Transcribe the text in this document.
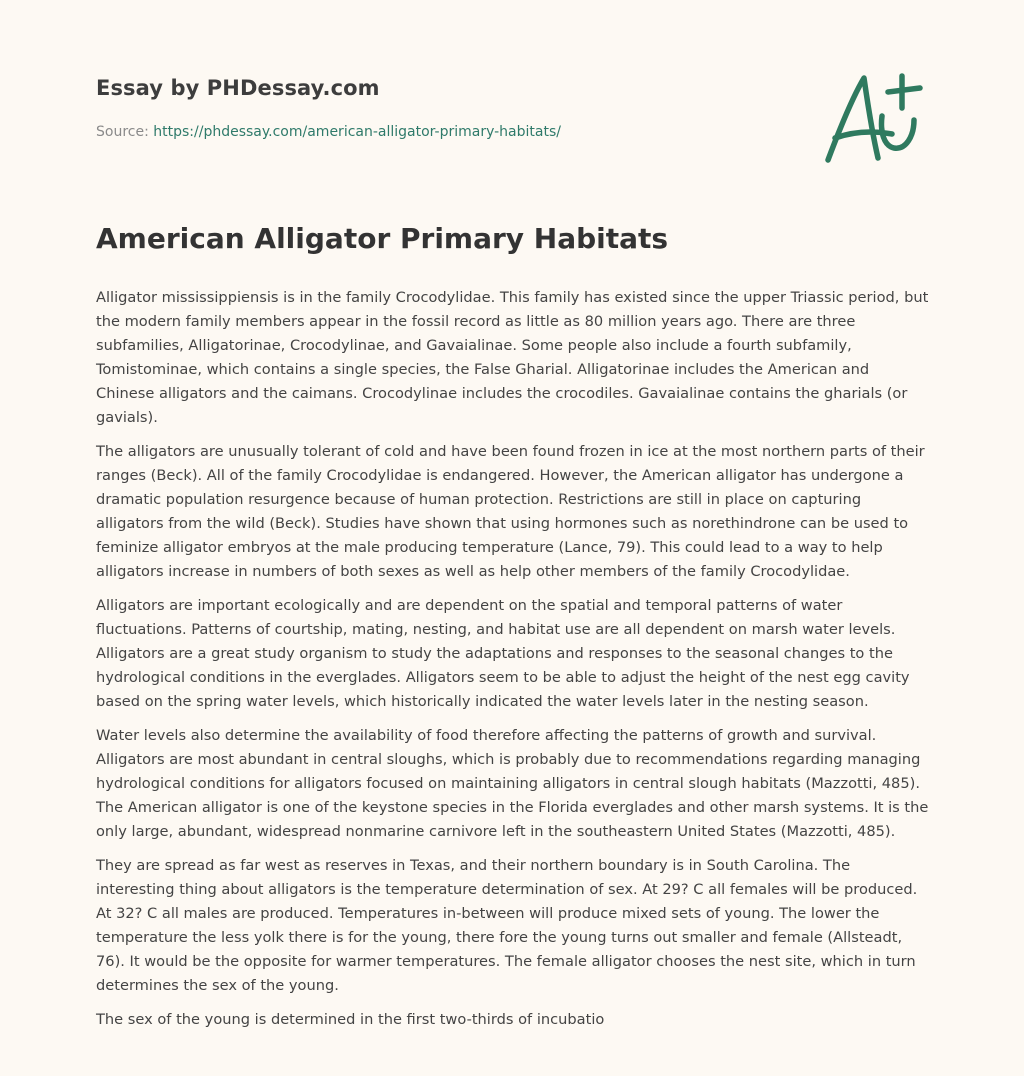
Essay by PHDessay.com
Source: https://phdessay.com/american-alligator-primary-habitats/
American Alligator Primary Habitats

Alligator mississippiensis is in the family Crocodylidae. This family has existed since the upper Triassic period, but the modern family members appear in the fossil record as little as 80 million years ago. There are three subfamilies, Alligatorinae, Crocodylinae, and Gavaialinae. Some people also include a fourth subfamily, Tomistominae, which contains a single species, the False Gharial. Alligatorinae includes the American and Chinese alligators and the caimans. Crocodylinae includes the crocodiles. Gavaialinae contains the gharials (or gavials).

The alligators are unusually tolerant of cold and have been found frozen in ice at the most northern parts of their ranges (Beck). All of the family Crocodylidae is endangered. However, the American alligator has undergone a dramatic population resurgence because of human protection. Restrictions are still in place on capturing alligators from the wild (Beck). Studies have shown that using hormones such as norethindrone can be used to feminize alligator embryos at the male producing temperature (Lance, 79). This could lead to a way to help alligators increase in numbers of both sexes as well as help other members of the family Crocodylidae.

Alligators are important ecologically and are dependent on the spatial and temporal patterns of water fluctuations. Patterns of courtship, mating, nesting, and habitat use are all dependent on marsh water levels. Alligators are a great study organism to study the adaptations and responses to the seasonal changes to the hydrological conditions in the everglades. Alligators seem to be able to adjust the height of the nest egg cavity based on the spring water levels, which historically indicated the water levels later in the nesting season.

Water levels also determine the availability of food therefore affecting the patterns of growth and survival. Alligators are most abundant in central sloughs, which is probably due to recommendations regarding managing hydrological conditions for alligators focused on maintaining alligators in central slough habitats (Mazzotti, 485). The American alligator is one of the keystone species in the Florida everglades and other marsh systems. It is the only large, abundant, widespread nonmarine carnivore left in the southeastern United States (Mazzotti, 485).

They are spread as far west as reserves in Texas, and their northern boundary is in South Carolina. The interesting thing about alligators is the temperature determination of sex. At 29? C all females will be produced. At 32? C all males are produced. Temperatures in-between will produce mixed sets of young. The lower the temperature the less yolk there is for the young, there fore the young turns out smaller and female (Allsteadt, 76). It would be the opposite for warmer temperatures. The female alligator chooses the nest site, which in turn determines the sex of the young.

The sex of the young is determined in the first two-thirds of incubatio
